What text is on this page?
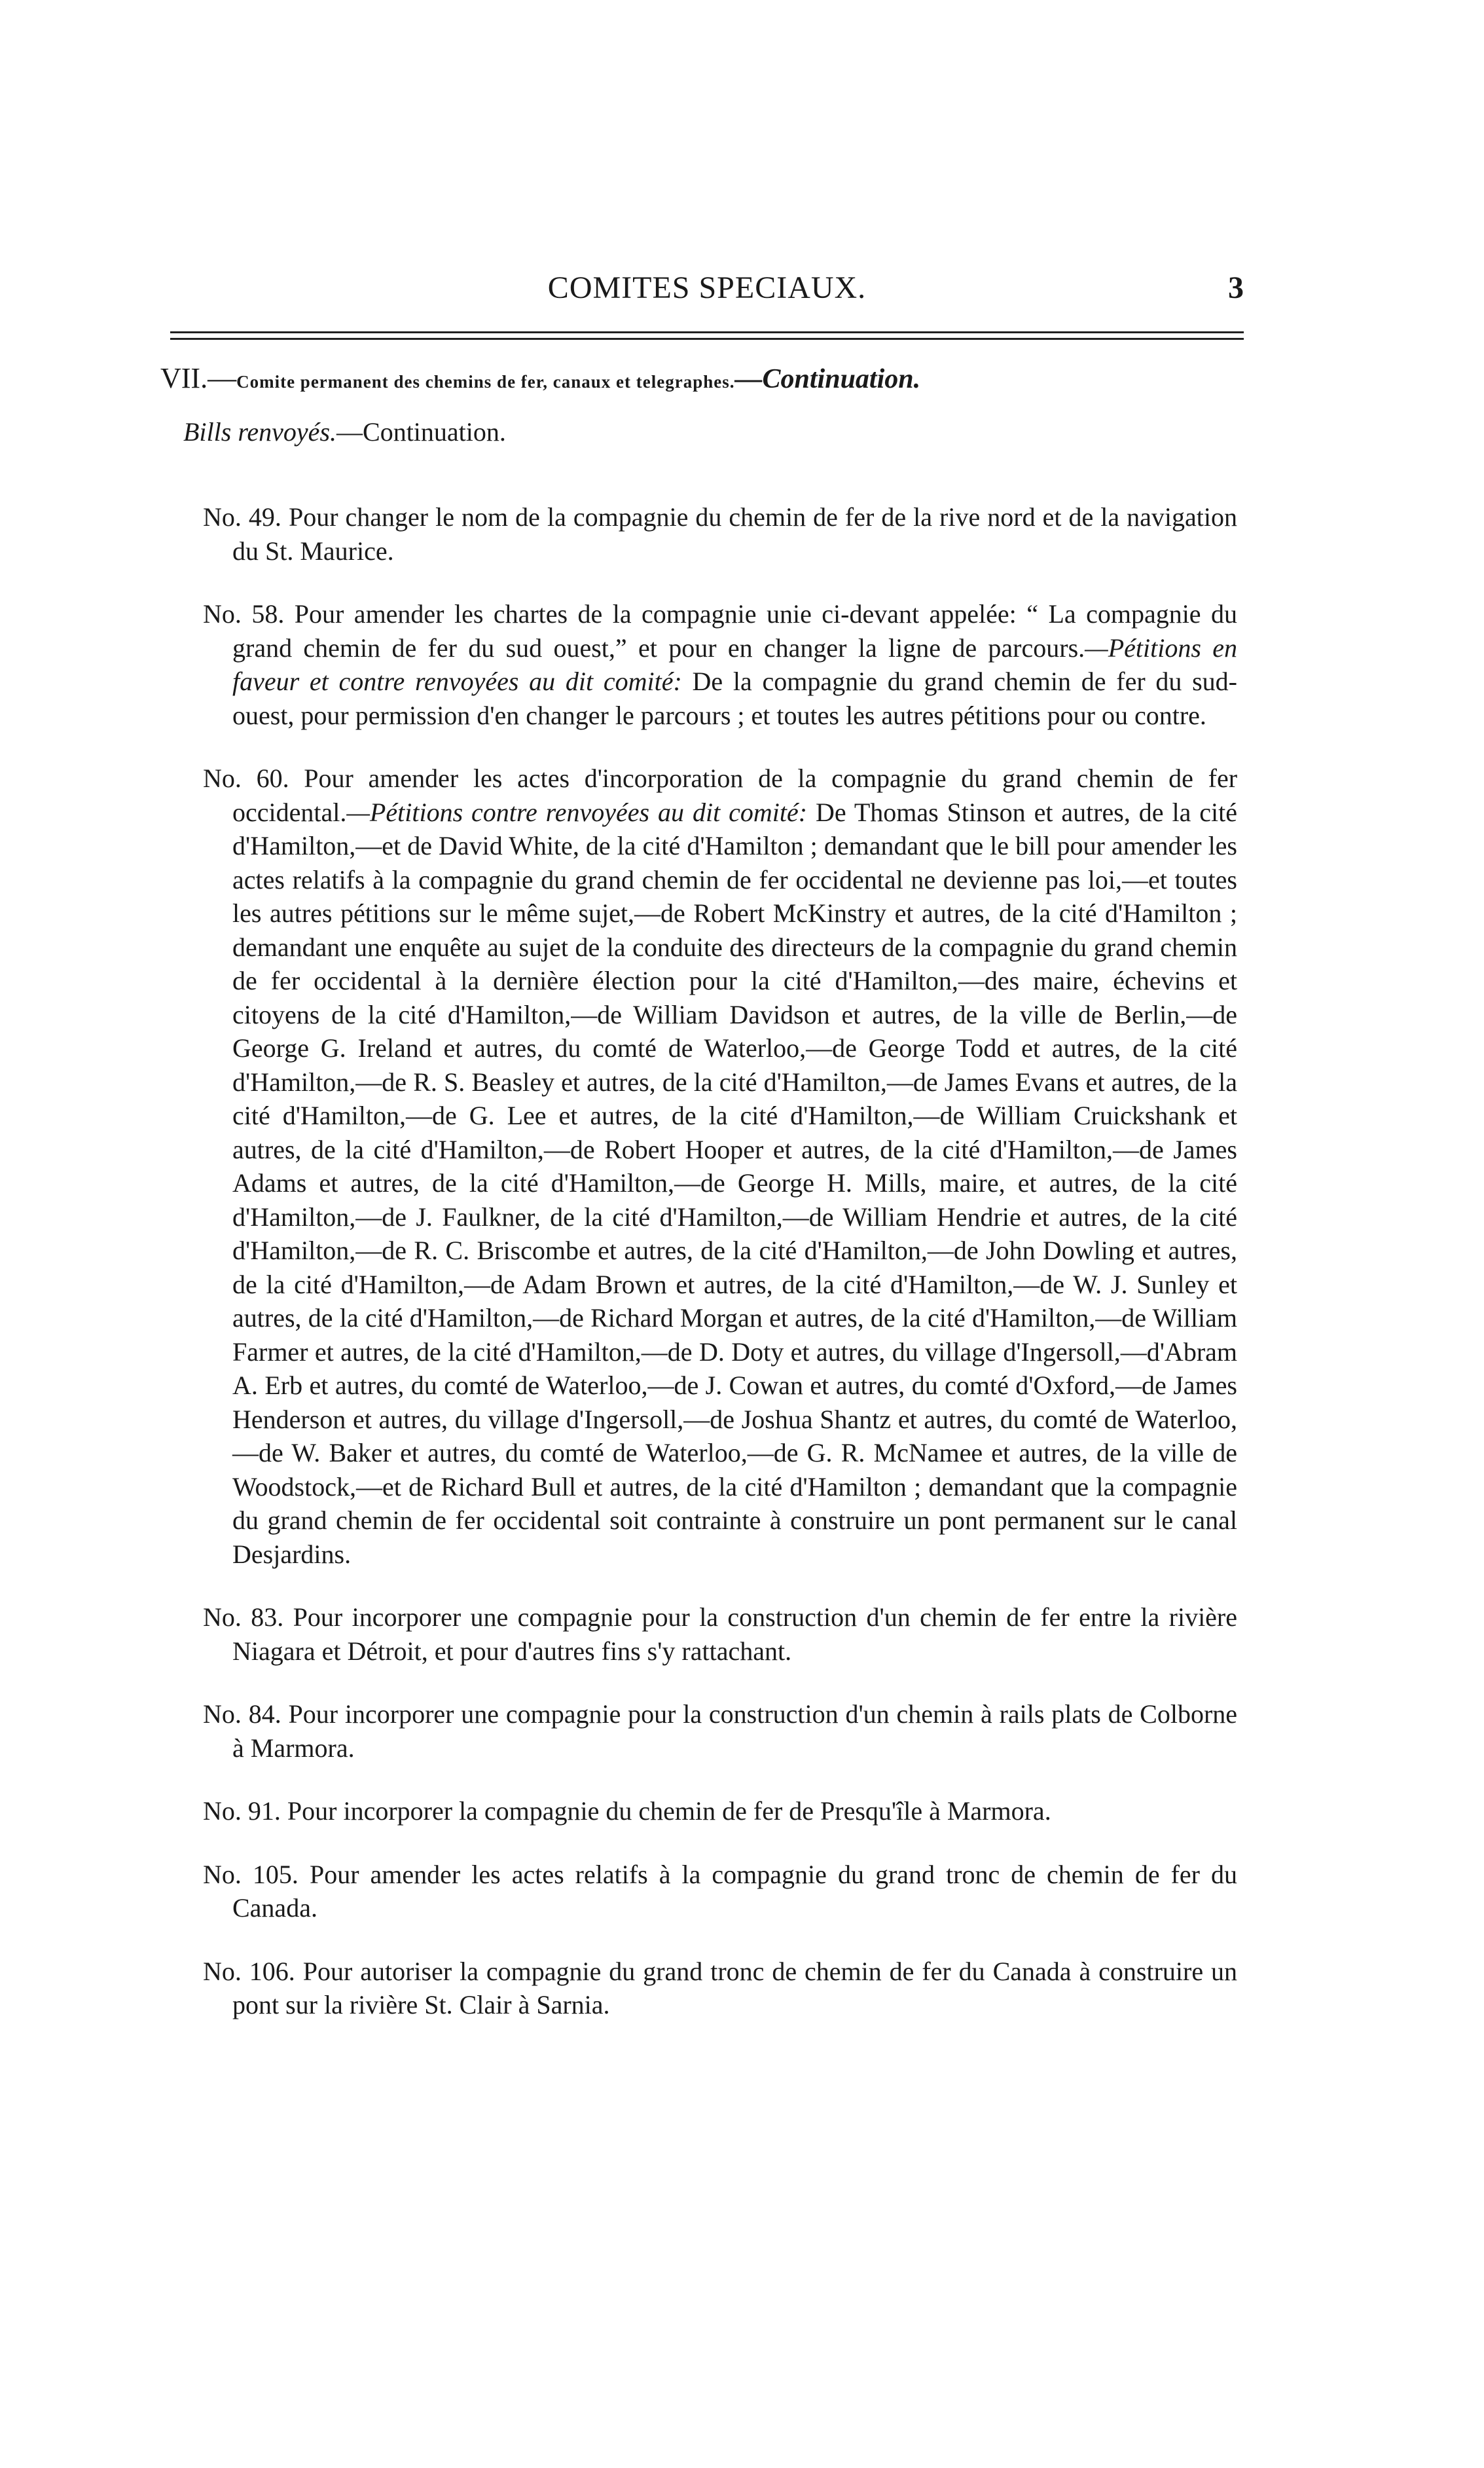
COMITES SPECIAUX.	3
VII.—Comite permanent des chemins de fer, canaux et telegraphes.—Continuation.
Bills renvoyés.—Continuation.

No. 49. Pour changer le nom de la compagnie du chemin de fer de la rive nord et de la navigation du St. Maurice.

No. 58. Pour amender les chartes de la compagnie unie ci-devant appelée: “ La compagnie du grand chemin de fer du sud ouest,” et pour en changer la ligne de parcours.—Pétitions en faveur et contre renvoyées au dit comité: De la compagnie du grand chemin de fer du sud-ouest, pour permission d'en changer le parcours ; et toutes les autres pétitions pour ou contre.

No. 60. Pour amender les actes d'incorporation de la compagnie du grand chemin de fer occidental.—Pétitions contre renvoyées au dit comité: De Thomas Stinson et autres, de la cité d'Hamilton,—et de David White, de la cité d'Hamilton ; demandant que le bill pour amender les actes relatifs à la compagnie du grand chemin de fer occidental ne devienne pas loi,—et toutes les autres pétitions sur le même sujet,—de Robert McKinstry et autres, de la cité d'Hamilton ; demandant une enquête au sujet de la conduite des directeurs de la compagnie du grand chemin de fer occidental à la dernière élection pour la cité d'Hamilton,—des maire, échevins et citoyens de la cité d'Hamilton,—de William Davidson et autres, de la ville de Berlin,—de George G. Ireland et autres, du comté de Waterloo,—de George Todd et autres, de la cité d'Hamilton,—de R. S. Beasley et autres, de la cité d'Hamilton,—de James Evans et autres, de la cité d'Hamilton,—de G. Lee et autres, de la cité d'Hamilton,—de William Cruickshank et autres, de la cité d'Hamilton,—de Robert Hooper et autres, de la cité d'Hamilton,—de James Adams et autres, de la cité d'Hamilton,—de George H. Mills, maire, et autres, de la cité d'Hamilton,—de J. Faulkner, de la cité d'Hamilton,—de William Hendrie et autres, de la cité d'Hamilton,—de R. C. Briscombe et autres, de la cité d'Hamilton,—de John Dowling et autres, de la cité d'Hamilton,—de Adam Brown et autres, de la cité d'Hamilton,—de W. J. Sunley et autres, de la cité d'Hamilton,—de Richard Morgan et autres, de la cité d'Hamilton,—de William Farmer et autres, de la cité d'Hamilton,—de D. Doty et autres, du village d'Ingersoll,—d'Abram A. Erb et autres, du comté de Waterloo,—de J. Cowan et autres, du comté d'Oxford,—de James Henderson et autres, du village d'Ingersoll,—de Joshua Shantz et autres, du comté de Waterloo,—de W. Baker et autres, du comté de Waterloo,—de G. R. McNamee et autres, de la ville de Woodstock,—et de Richard Bull et autres, de la cité d'Hamilton ; demandant que la compagnie du grand chemin de fer occidental soit contrainte à construire un pont permanent sur le canal Desjardins.

No. 83. Pour incorporer une compagnie pour la construction d'un chemin de fer entre la rivière Niagara et Détroit, et pour d'autres fins s'y rattachant.

No. 84. Pour incorporer une compagnie pour la construction d'un chemin à rails plats de Colborne à Marmora.

No. 91. Pour incorporer la compagnie du chemin de fer de Presqu'île à Marmora.

No. 105. Pour amender les actes relatifs à la compagnie du grand tronc de chemin de fer du Canada.

No. 106. Pour autoriser la compagnie du grand tronc de chemin de fer du Canada à construire un pont sur la rivière St. Clair à Sarnia.
